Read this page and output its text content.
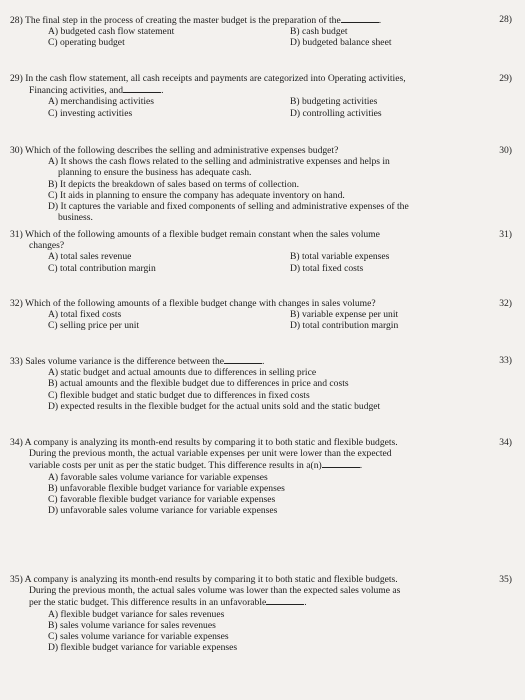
28)

28) The final step in the process of creating the master budget is the preparation of the	.

A) budgeted cash flow statement	B) cash budget
C) operating budget	D) budgeted balance sheet
29)

29) In the cash flow statement, all cash receipts and payments are categorized into Operating activities,
Financing activities, and	.

A) merchandising activities	B) budgeting activities
C) investing activities	D) controlling activities
30)

30) Which of the following describes the selling and administrative expenses budget?

A) It shows the cash flows related to the selling and administrative expenses and helps in
planning to ensure the business has adequate cash.
B) It depicts the breakdown of sales based on terms of collection.
C) It aids in planning to ensure the company has adequate inventory on hand.
D) It captures the variable and fixed components of selling and administrative expenses of the
business.
31)

31) Which of the following amounts of a flexible budget remain constant when the sales volume
changes?

A) total sales revenue	B) total variable expenses
C) total contribution margin	D) total fixed costs
32)

32) Which of the following amounts of a flexible budget change with changes in sales volume?

A) total fixed costs	B) variable expense per unit
C) selling price per unit	D) total contribution margin
33)

33) Sales volume variance is the difference between the	.

A) static budget and actual amounts due to differences in selling price
B) actual amounts and the flexible budget due to differences in price and costs
C) flexible budget and static budget due to differences in fixed costs
D) expected results in the flexible budget for the actual units sold and the static budget
34)

34) A company is analyzing its month-end results by comparing it to both static and flexible budgets.
During the previous month, the actual variable expenses per unit were lower than the expected
variable costs per unit as per the static budget. This difference results in a(n)	.

A) favorable sales volume variance for variable expenses
B) unfavorable flexible budget variance for variable expenses
C) favorable flexible budget variance for variable expenses
D) unfavorable sales volume variance for variable expenses
35)

35) A company is analyzing its month-end results by comparing it to both static and flexible budgets.
During the previous month, the actual sales volume was lower than the expected sales volume as
per the static budget. This difference results in an unfavorable	.

A) flexible budget variance for sales revenues
B) sales volume variance for sales revenues
C) sales volume variance for variable expenses
D) flexible budget variance for variable expenses
